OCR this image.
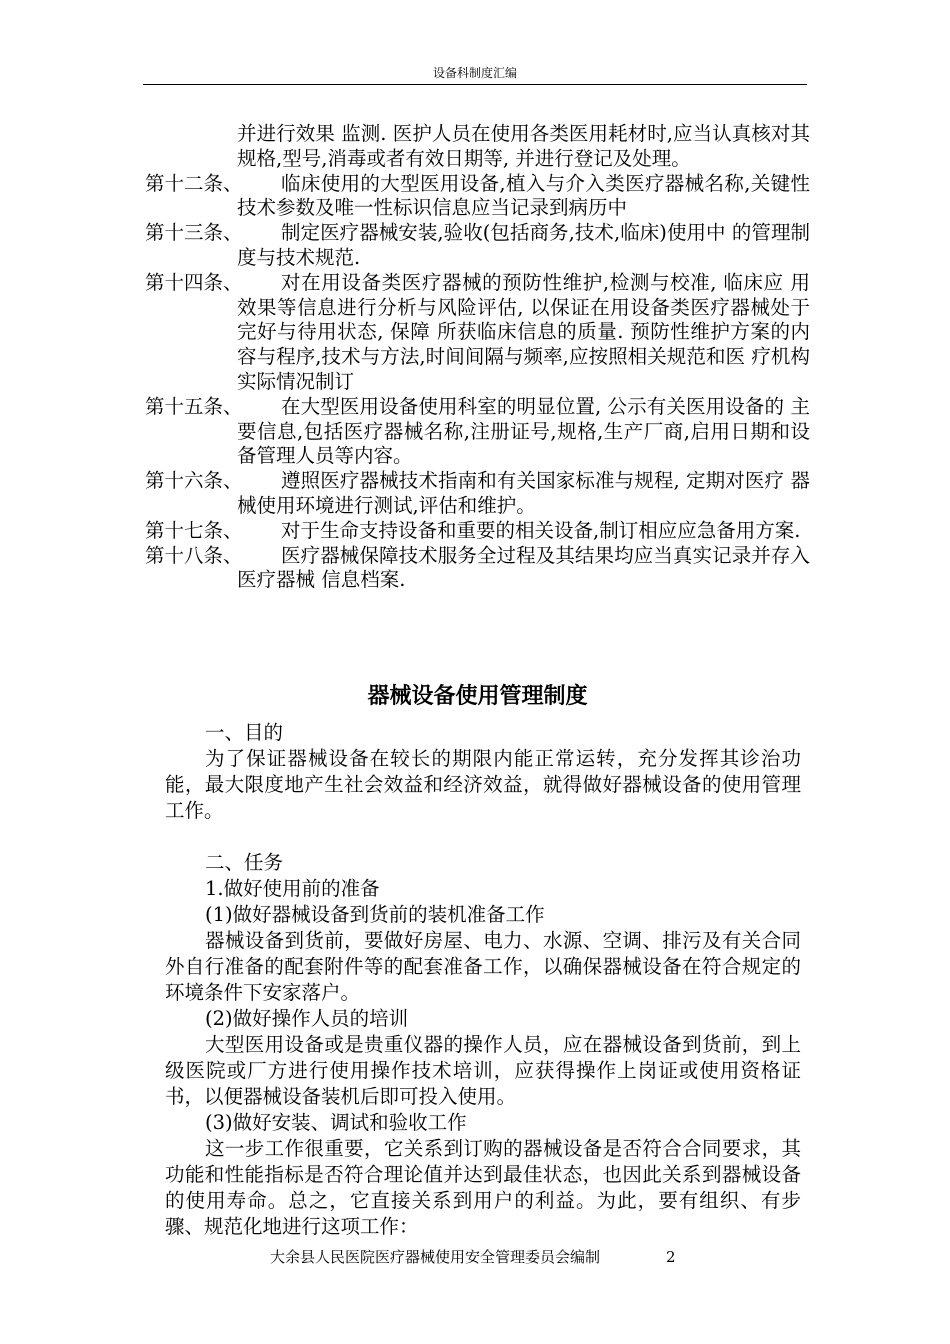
设备科制度汇编
并进行效果 监测. 医护人员在使用各类医用耗材时,应当认真核对其规格,型号,消毒或者有效日期等, 并进行登记及处理。
第十二条、	临床使用的大型医用设备,植入与介入类医疗器械名称,关键性技术参数及唯一性标识信息应当记录到病历中
第十三条、	制定医疗器械安装,验收(包括商务,技术,临床)使用中 的管理制度与技术规范.
第十四条、	对在用设备类医疗器械的预防性维护,检测与校准, 临床应 用效果等信息进行分析与风险评估, 以保证在用设备类医疗器械处于完好与待用状态, 保障 所获临床信息的质量. 预防性维护方案的内容与程序,技术与方法,时间间隔与频率,应按照相关规范和医 疗机构实际情况制订
第十五条、	在大型医用设备使用科室的明显位置, 公示有关医用设备的 主要信息,包括医疗器械名称,注册证号,规格,生产厂商,启用日期和设备管理人员等内容。
第十六条、	遵照医疗器械技术指南和有关国家标准与规程, 定期对医疗 器械使用环境进行测试,评估和维护。
第十七条、	对于生命支持设备和重要的相关设备,制订相应应急备用方案.
第十八条、	医疗器械保障技术服务全过程及其结果均应当真实记录并存入医疗器械 信息档案.
器械设备使用管理制度

一、目的

为了保证器械设备在较长的期限内能正常运转，充分发挥其诊治功能，最大限度地产生社会效益和经济效益，就得做好器械设备的使用管理工作。

二、任务

1.做好使用前的准备

(1)做好器械设备到货前的装机准备工作

器械设备到货前，要做好房屋、电力、水源、空调、排污及有关合同外自行准备的配套附件等的配套准备工作，以确保器械设备在符合规定的环境条件下安家落户。

(2)做好操作人员的培训

大型医用设备或是贵重仪器的操作人员，应在器械设备到货前，到上级医院或厂方进行使用操作技术培训，应获得操作上岗证或使用资格证书，以便器械设备装机后即可投入使用。

(3)做好安装、调试和验收工作

这一步工作很重要，它关系到订购的器械设备是否符合合同要求，其功能和性能指标是否符合理论值并达到最佳状态，也因此关系到器械设备的使用寿命。总之，它直接关系到用户的利益。为此，要有组织、有步骤、规范化地进行这项工作：

大余县人民医院医疗器械使用安全管理委员会编制	2
